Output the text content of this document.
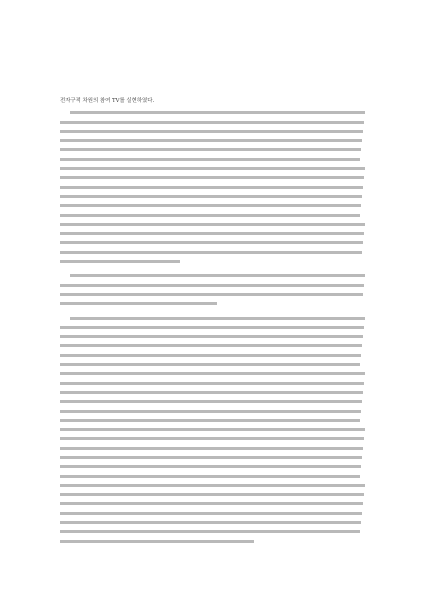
전자구적 차원의 참여 TV를 실현하였다.
